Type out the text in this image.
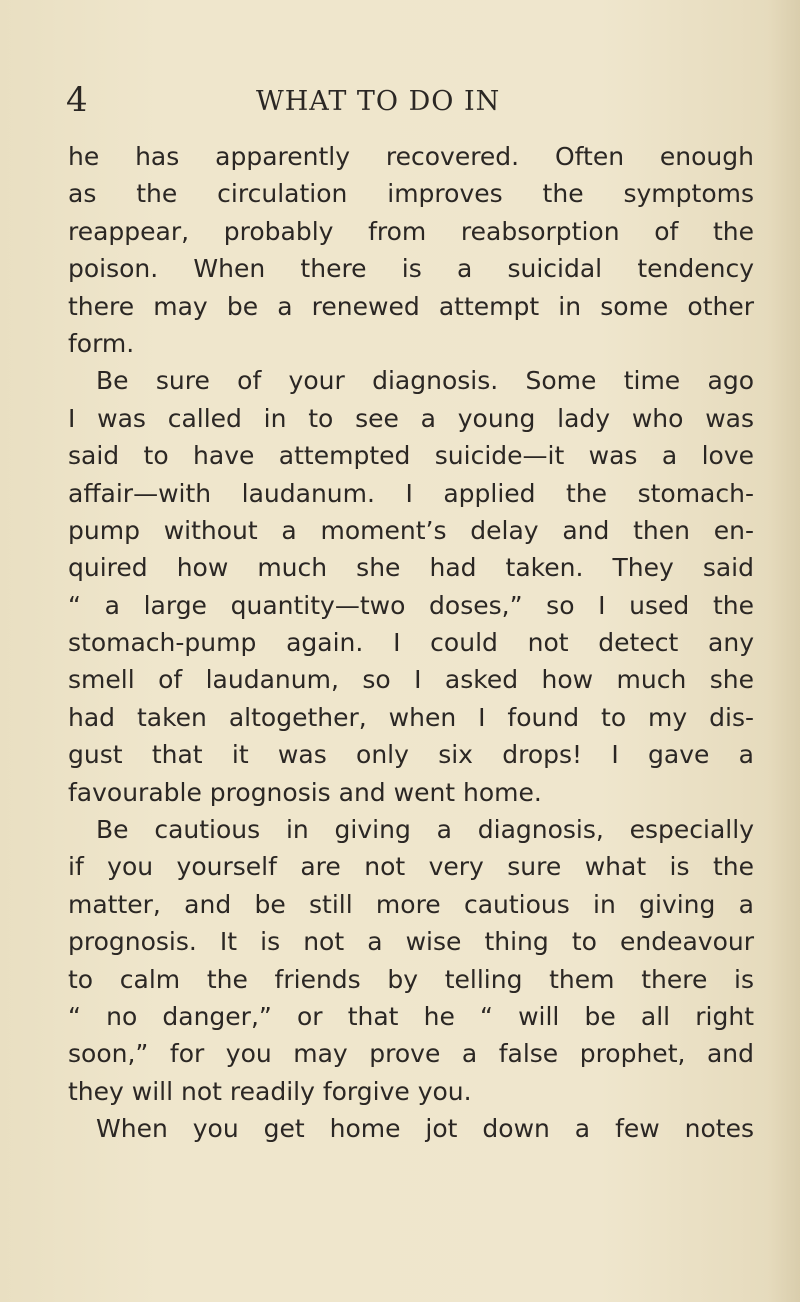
4	WHAT TO DO IN
he has apparently recovered. Often enough
as the circulation improves the symptoms
reappear, probably from reabsorption of the
poison. When there is a suicidal tendency
there may be a renewed attempt in some other
form.
Be sure of your diagnosis. Some time ago
I was called in to see a young lady who was
said to have attempted suicide—it was a love
affair—with laudanum. I applied the stomach-
pump without a moment’s delay and then en-
quired how much she had taken. They said
“ a large quantity—two doses,” so I used the
stomach-pump again. I could not detect any
smell of laudanum, so I asked how much she
had taken altogether, when I found to my dis-
gust that it was only six drops! I gave a
favourable prognosis and went home.
Be cautious in giving a diagnosis, especially
if you yourself are not very sure what is the
matter, and be still more cautious in giving a
prognosis. It is not a wise thing to endeavour
to calm the friends by telling them there is
“ no danger,” or that he “ will be all right
soon,” for you may prove a false prophet, and
they will not readily forgive you.
When you get home jot down a few notes
